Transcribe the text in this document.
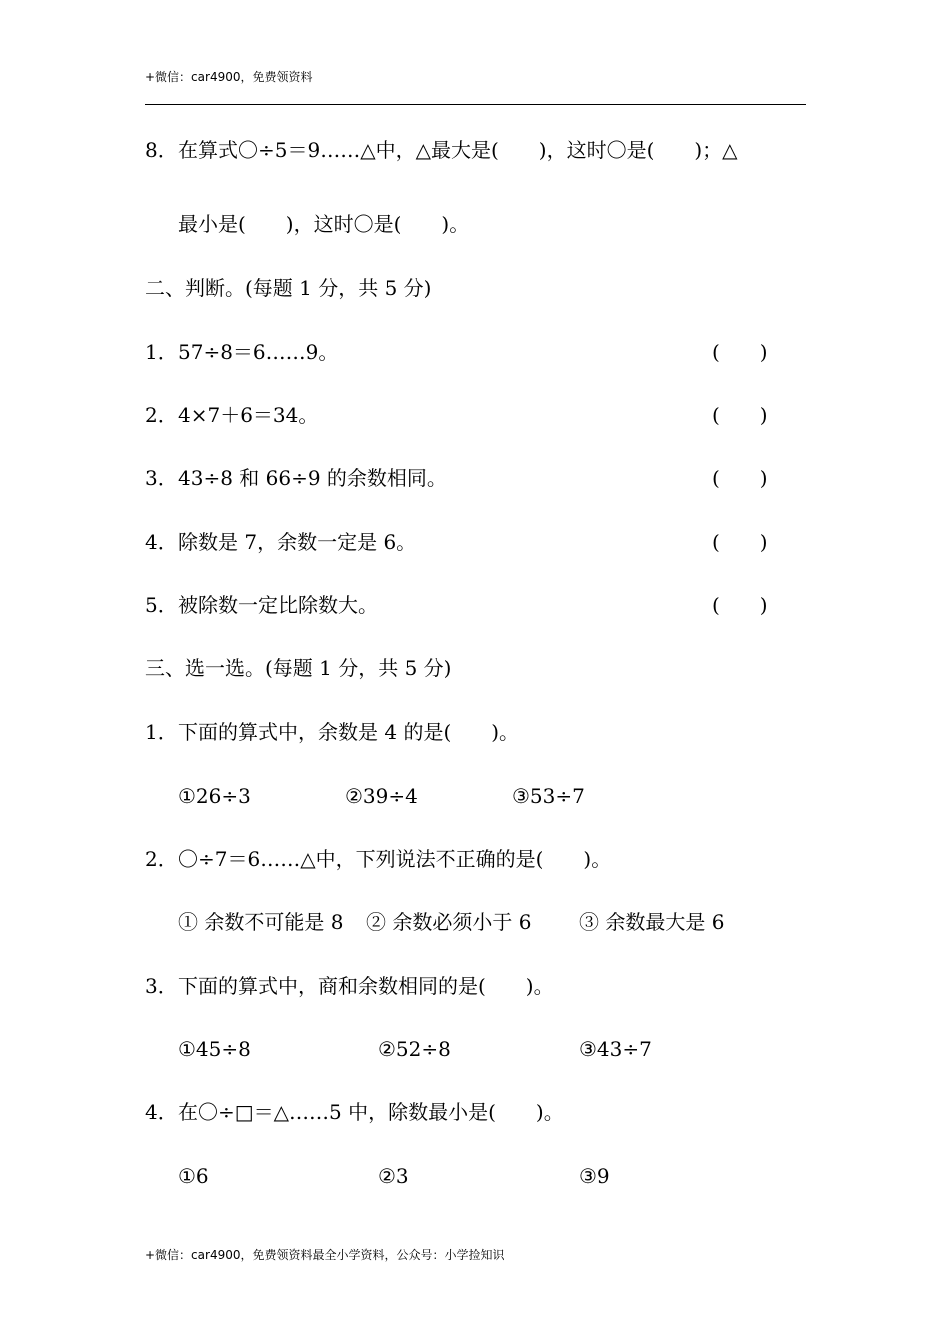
+微信：car4900，免费领资料
8．在算式〇÷5＝9……△中，△最大是(　　)，这时〇是(　　)；△
最小是(　　)，这时〇是(　　)。
二、判断。(每题 1 分，共 5 分)
1．57÷8＝6……9。	(　　)
2．4×7＋6＝34。	(　　)
3．43÷8 和 66÷9 的余数相同。	(　　)
4．除数是 7，余数一定是 6。	(　　)
5．被除数一定比除数大。	(　　)
三、选一选。(每题 1 分，共 5 分)
1．下面的算式中，余数是 4 的是(　　)。
①26÷3	②39÷4	③53÷7
2．〇÷7＝6……△中，下列说法不正确的是(　　)。
① 余数不可能是 8 ② 余数必须小于 6 ③ 余数最大是 6
3．下面的算式中，商和余数相同的是(　　)。
①45÷8	②52÷8	③43÷7
4．在〇÷□＝△……5 中，除数最小是(　　)。
①6	②3	③9
+微信：car4900，免费领资料最全小学资料，公众号：小学捡知识
